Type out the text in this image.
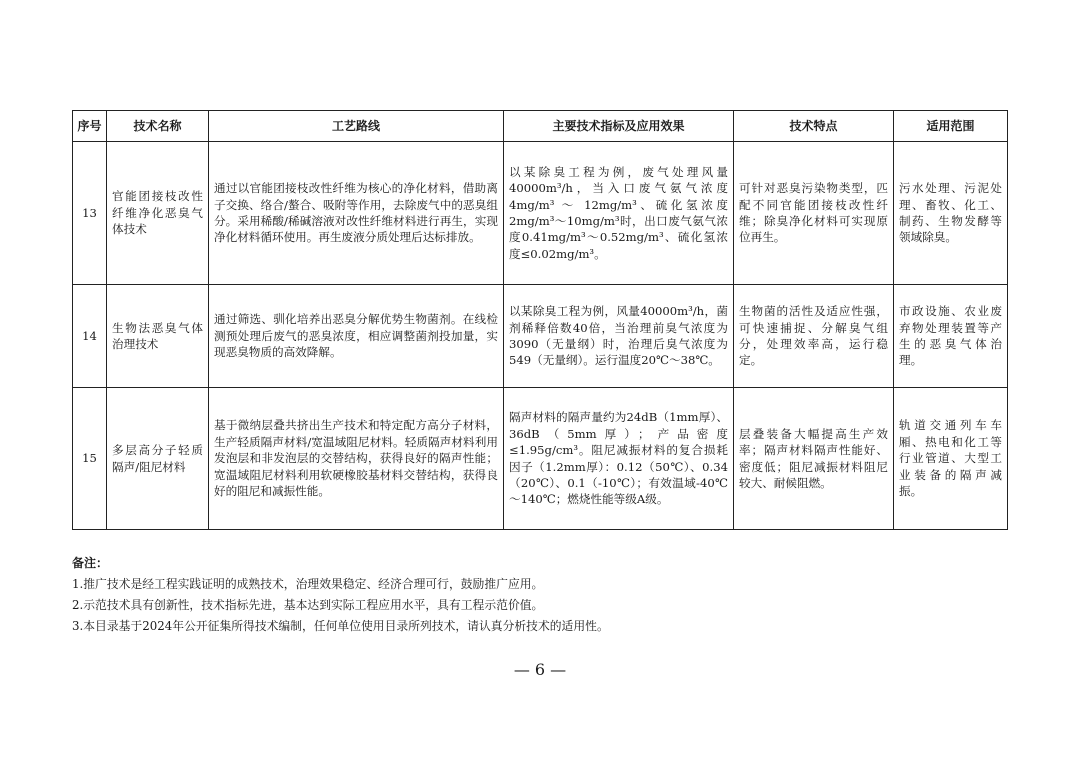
序号	技术名称	工艺路线	主要技术指标及应用效果	技术特点	适用范围
13	官能团接枝改性纤维净化恶臭气体技术	通过以官能团接枝改性纤维为核心的净化材料，借助离子交换、络合/螯合、吸附等作用，去除废气中的恶臭组分。采用稀酸/稀碱溶液对改性纤维材料进行再生，实现净化材料循环使用。再生废液分质处理后达标排放。	以某除臭工程为例，废气处理风量40000m³/h，当入口废气氨气浓度4mg/m³ ～ 12mg/m³、硫化氢浓度2mg/m³～10mg/m³时，出口废气氨气浓度0.41mg/m³～0.52mg/m³、硫化氢浓度≤0.02mg/m³。	可针对恶臭污染物类型，匹配不同官能团接枝改性纤维；除臭净化材料可实现原位再生。	污水处理、污泥处理、畜牧、化工、制药、生物发酵等领域除臭。
14	生物法恶臭气体治理技术	通过筛选、驯化培养出恶臭分解优势生物菌剂。在线检测预处理后废气的恶臭浓度，相应调整菌剂投加量，实现恶臭物质的高效降解。	以某除臭工程为例，风量40000m³/h，菌剂稀释倍数40倍，当治理前臭气浓度为3090（无量纲）时，治理后臭气浓度为549（无量纲）。运行温度20℃～38℃。	生物菌的活性及适应性强，可快速捕捉、分解臭气组分，处理效率高，运行稳定。	市政设施、农业废弃物处理装置等产生的恶臭气体治理。
15	多层高分子轻质隔声/阻尼材料	基于微纳层叠共挤出生产技术和特定配方高分子材料，生产轻质隔声材料/宽温域阻尼材料。轻质隔声材料利用发泡层和非发泡层的交替结构，获得良好的隔声性能；宽温域阻尼材料利用软硬橡胶基材料交替结构，获得良好的阻尼和减振性能。	隔声材料的隔声量约为24dB（1mm厚）、36dB（5mm厚）；产品密度≤1.95g/cm³。阻尼减振材料的复合损耗因子（1.2mm厚）：0.12（50℃）、0.34（20℃）、0.1（-10℃）；有效温域-40℃～140℃；燃烧性能等级A级。	层叠装备大幅提高生产效率；隔声材料隔声性能好、密度低；阻尼减振材料阻尼较大、耐候阻燃。	轨道交通列车车厢、热电和化工等行业管道、大型工业装备的隔声减振。
备注：
1.推广技术是经工程实践证明的成熟技术，治理效果稳定、经济合理可行，鼓励推广应用。
2.示范技术具有创新性，技术指标先进，基本达到实际工程应用水平，具有工程示范价值。
3.本目录基于2024年公开征集所得技术编制，任何单位使用目录所列技术，请认真分析技术的适用性。
— 6 —
